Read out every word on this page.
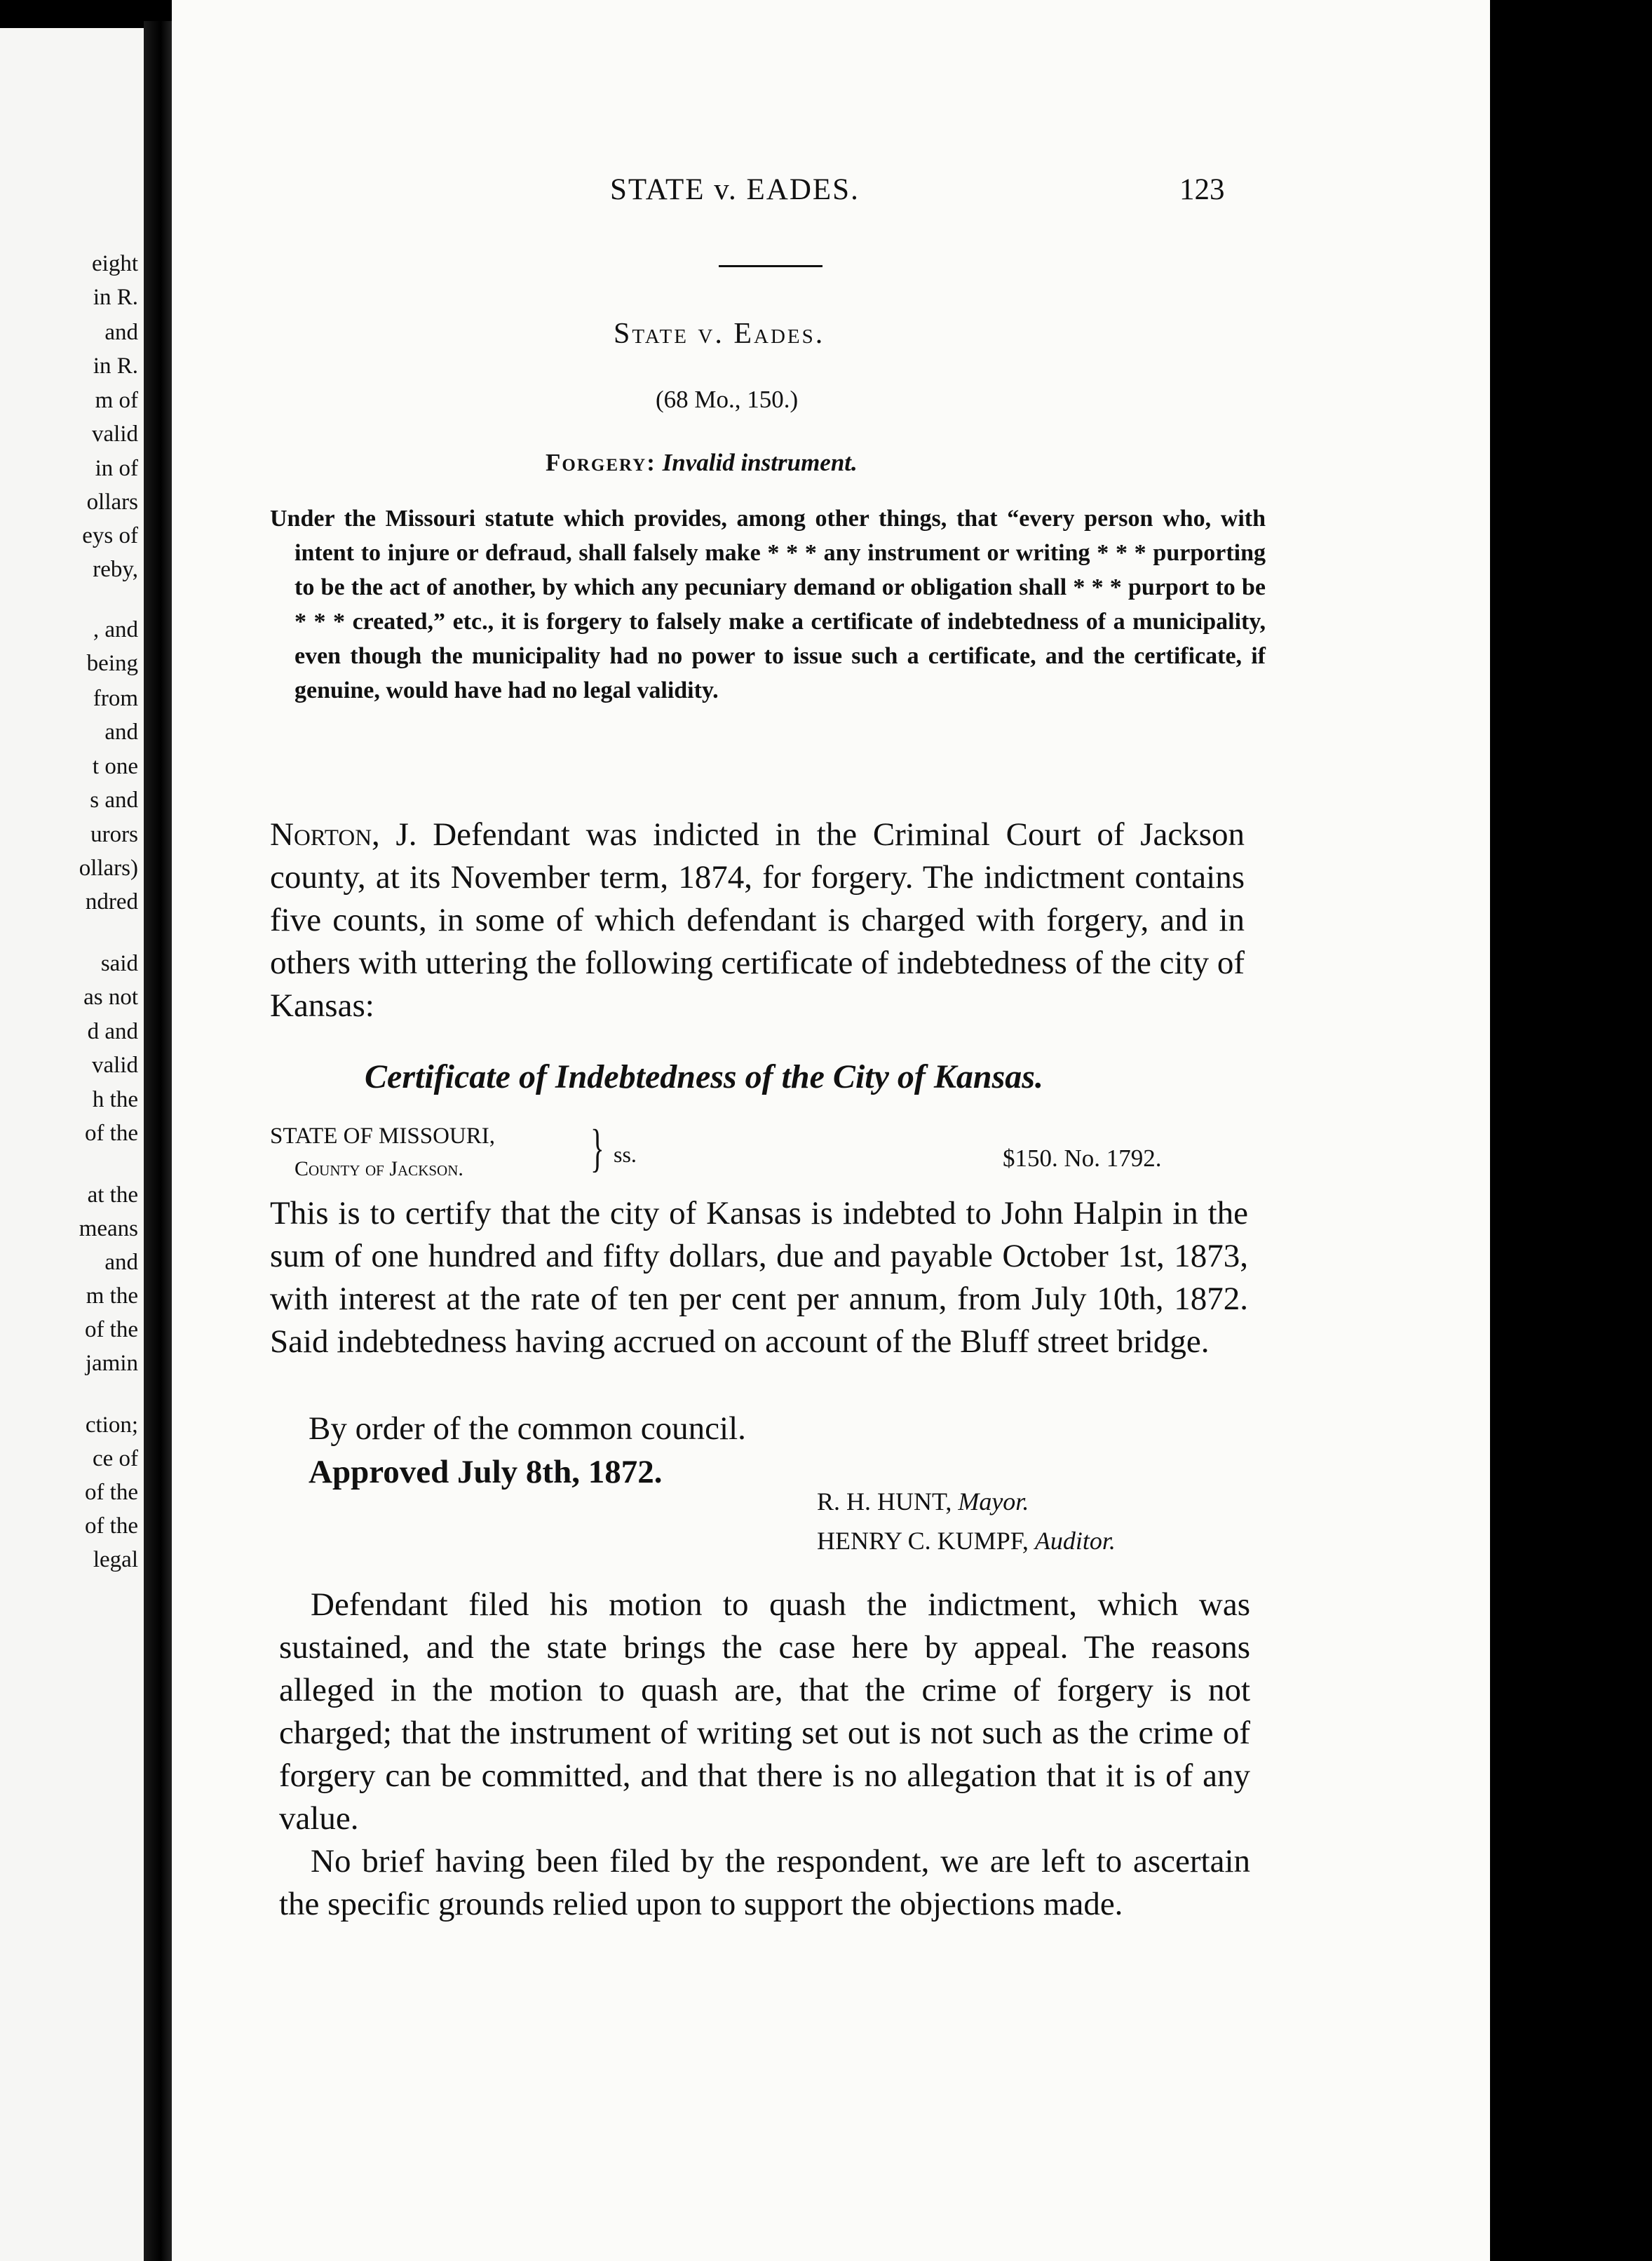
eight
in R.
and
in R.
m of
valid
in of
ollars
eys of
reby,
, and
being
from
and
t one
s and
urors
ollars)
ndred
said
as not
d and
valid
h the
of the
at the
means
and
m the
of the
jamin
ction;
ce of
of the
of the
legal
STATE v. EADES.	123
State v. Eades.
(68 Mo., 150.)
Forgery: Invalid instrument.
Under the Missouri statute which provides, among other things, that “every person who, with intent to injure or defraud, shall falsely make * * * any instrument or writing * * * purporting to be the act of another, by which any pecuniary demand or obligation shall * * * purport to be * * * created,” etc., it is forgery to falsely make a certificate of indebtedness of a municipality, even though the municipality had no power to issue such a certificate, and the certificate, if genuine, would have had no legal validity.
Norton, J. Defendant was indicted in the Criminal Court of Jackson county, at its November term, 1874, for forgery. The indictment contains five counts, in some of which defendant is charged with forgery, and in others with uttering the following certificate of indebtedness of the city of Kansas:
Certificate of Indebtedness of the City of Kansas.
STATE OF MISSOURI,
County of Jackson. } ss.	$150. No. 1792.
This is to certify that the city of Kansas is indebted to John Halpin in the sum of one hundred and fifty dollars, due and payable October 1st, 1873, with interest at the rate of ten per cent per annum, from July 10th, 1872. Said indebtedness having accrued on account of the Bluff street bridge.
By order of the common council.
Approved July 8th, 1872.
R. H. HUNT, Mayor.
HENRY C. KUMPF, Auditor.
Defendant filed his motion to quash the indictment, which was sustained, and the state brings the case here by appeal. The reasons alleged in the motion to quash are, that the crime of forgery is not charged; that the instrument of writing set out is not such as the crime of forgery can be committed, and that there is no allegation that it is of any value.
No brief having been filed by the respondent, we are left to ascertain the specific grounds relied upon to support the objections made.
